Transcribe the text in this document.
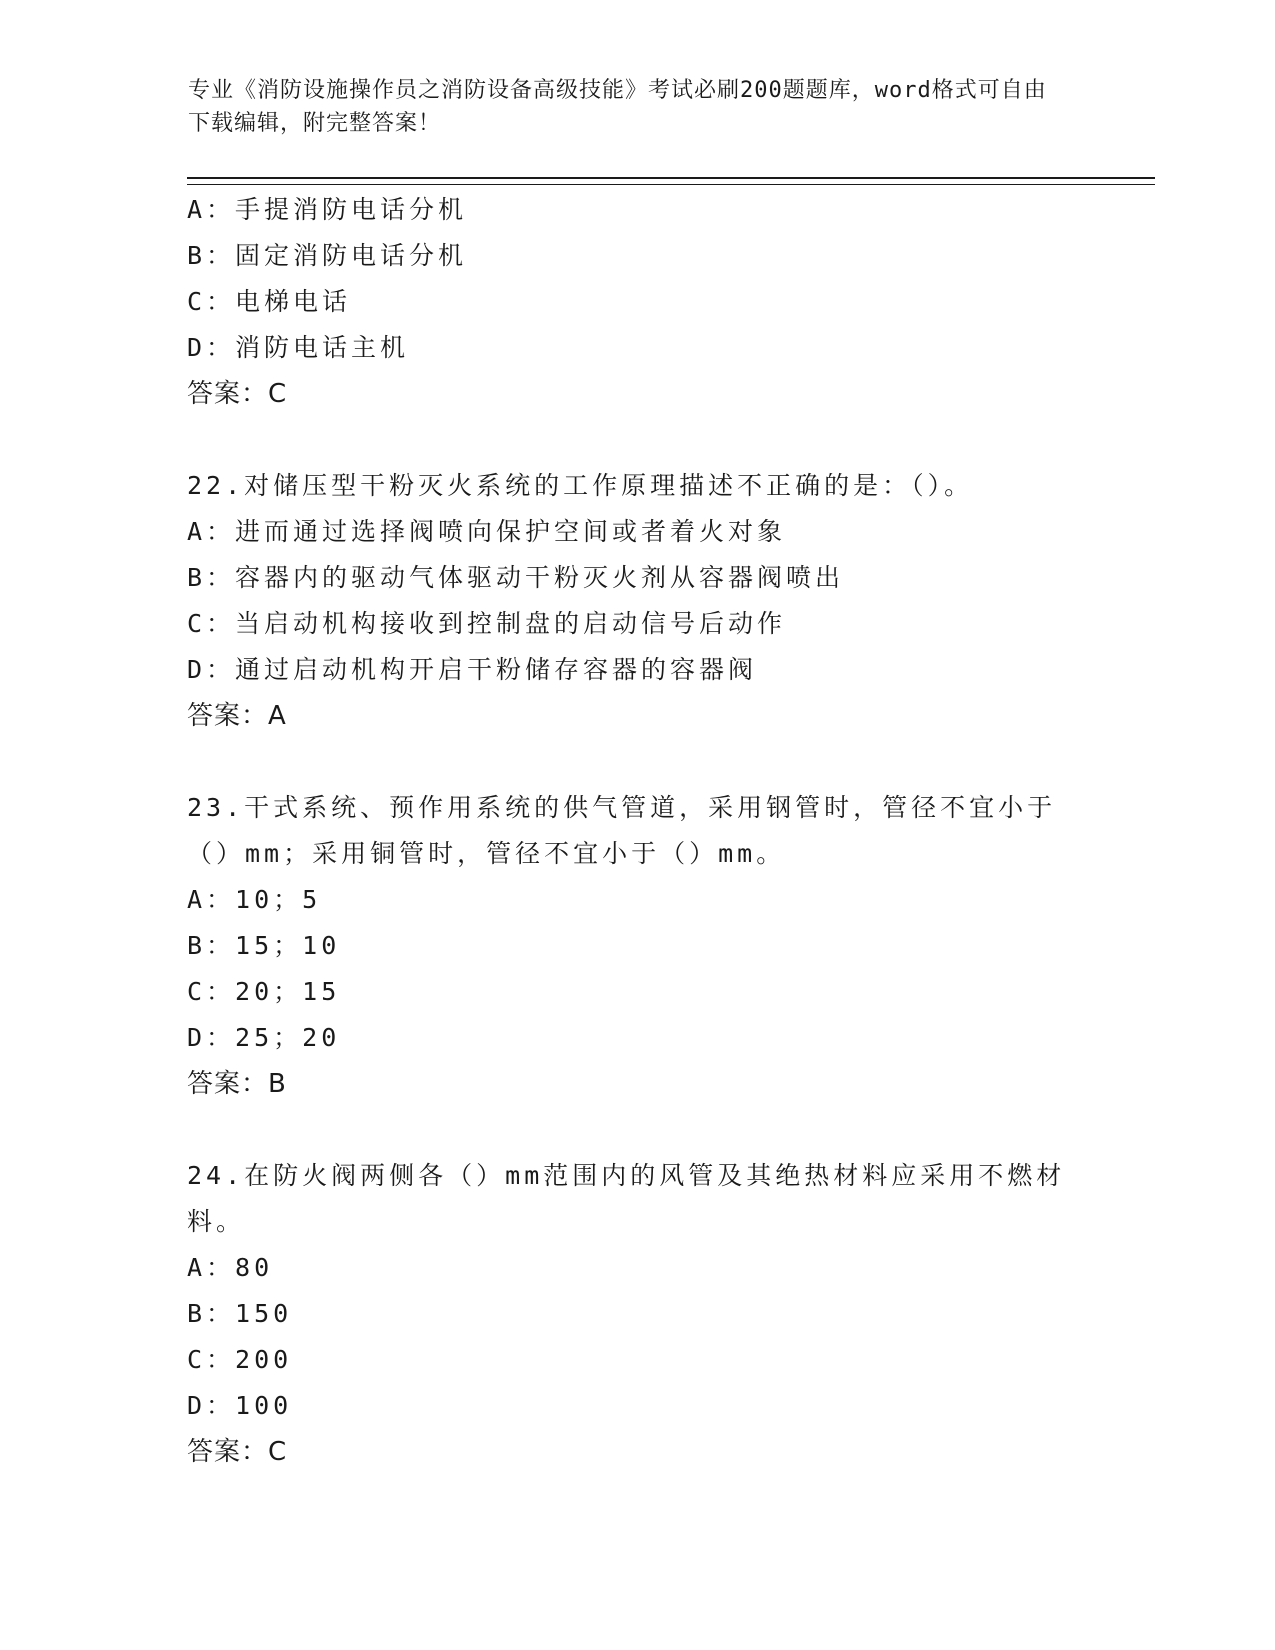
专业《消防设施操作员之消防设备高级技能》考试必刷200题题库，word格式可自由下载编辑，附完整答案！
A：手提消防电话分机
B：固定消防电话分机
C：电梯电话
D：消防电话主机
答案：C
22.对储压型干粉灭火系统的工作原理描述不正确的是：（）。
A：进而通过选择阀喷向保护空间或者着火对象
B：容器内的驱动气体驱动干粉灭火剂从容器阀喷出
C：当启动机构接收到控制盘的启动信号后动作
D：通过启动机构开启干粉储存容器的容器阀
答案：A
23.干式系统、预作用系统的供气管道，采用钢管时，管径不宜小于（）mm；采用铜管时，管径不宜小于（）mm。
A：10；5
B：15；10
C：20；15
D：25；20
答案：B
24.在防火阀两侧各（）mm范围内的风管及其绝热材料应采用不燃材料。
A：80
B：150
C：200
D：100
答案：C
